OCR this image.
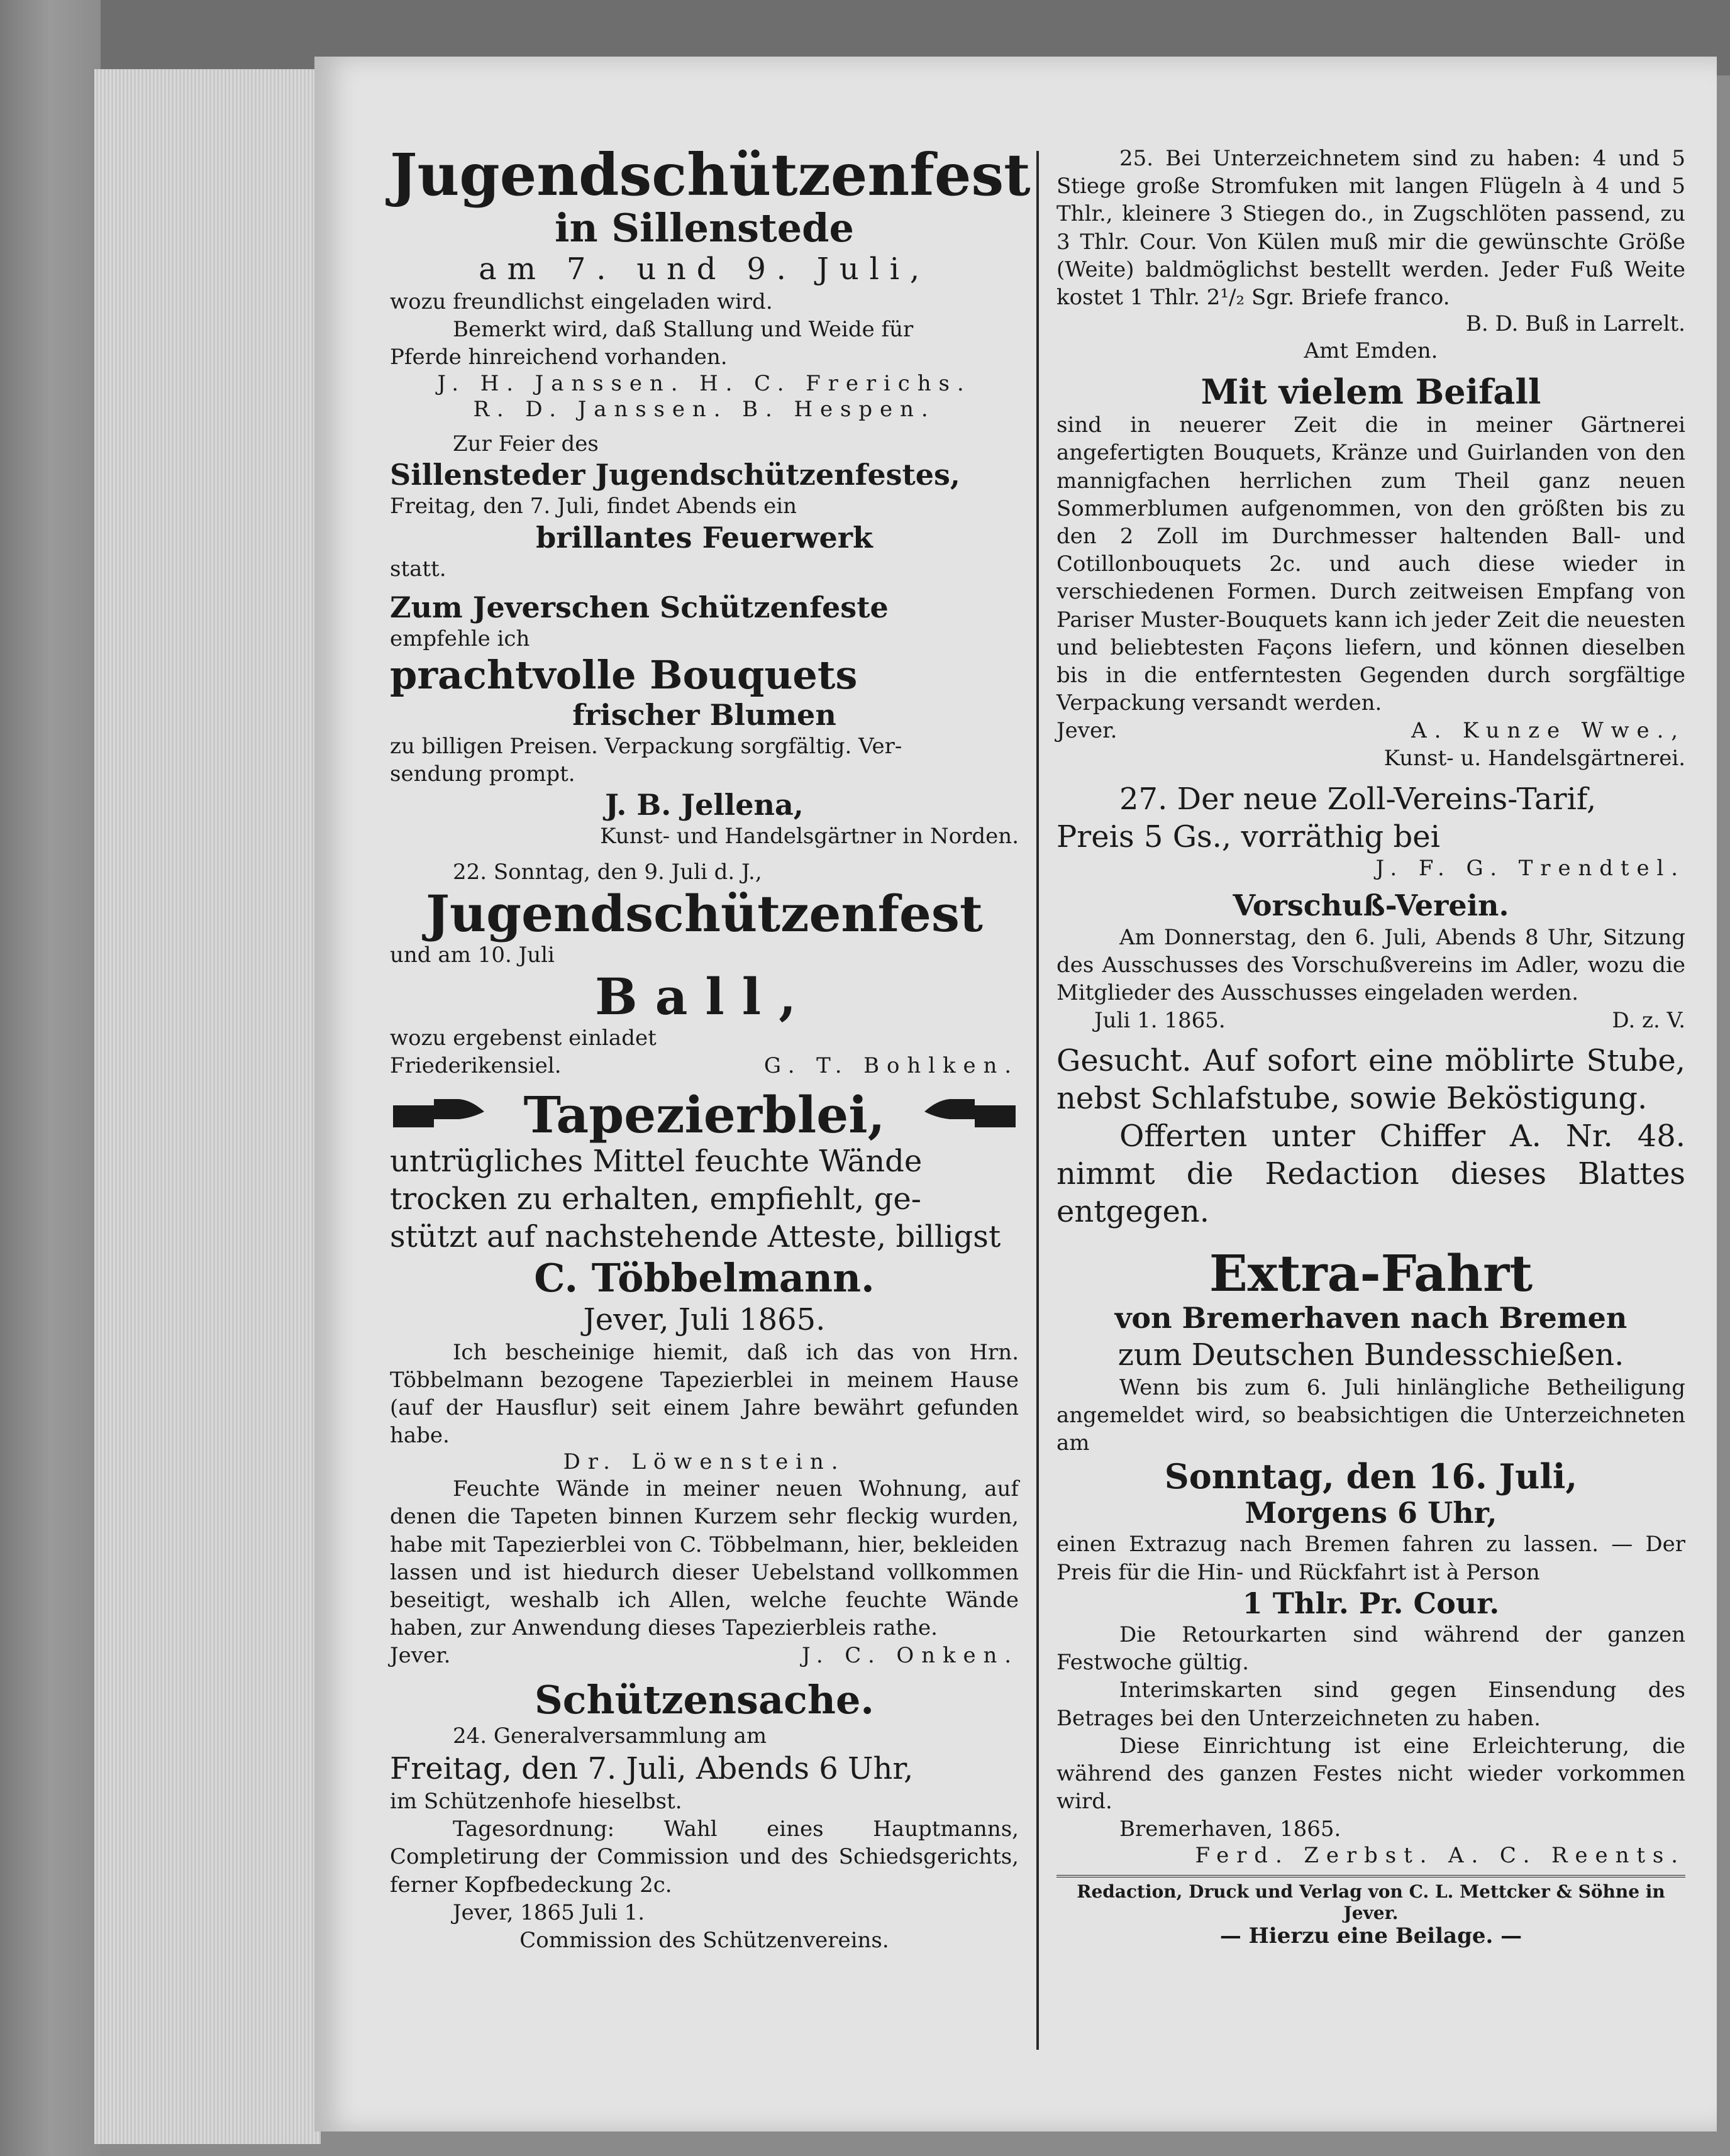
Jugendschützenfest

in Sillenstede

am 7. und 9. Juli,

wozu freundlichst eingeladen wird.

Bemerkt wird, daß Stallung und Weide für

Pferde hinreichend vorhanden.

J. H. Janssen. H. C. Frerichs.

R. D. Janssen. B. Hespen.

Zur Feier des

Sillensteder Jugendschützenfestes,

Freitag, den 7. Juli, findet Abends ein

brillantes Feuerwerk

statt.

Zum Jeverschen Schützenfeste

empfehle ich

prachtvolle Bouquets

frischer Blumen

zu billigen Preisen. Verpackung sorgfältig. Ver-

sendung prompt.

J. B. Jellena,

Kunst- und Handelsgärtner in Norden.

22. Sonntag, den 9. Juli d. J.,

Jugendschützenfest

und am 10. Juli

Ball,

wozu ergebenst einladet

Friederikensiel.	G. T. Bohlken.
Tapezierblei,

untrügliches Mittel feuchte Wände

trocken zu erhalten, empfiehlt, ge-

stützt auf nachstehende Atteste, billigst

C. Többelmann.

Jever, Juli 1865.

Ich bescheinige hiemit, daß ich das von Hrn. Többelmann bezogene Tapezierblei in meinem Hause (auf der Hausflur) seit einem Jahre bewährt gefunden habe.

Dr. Löwenstein.

Feuchte Wände in meiner neuen Wohnung, auf denen die Tapeten binnen Kurzem sehr fleckig wurden, habe mit Tapezierblei von C. Többelmann, hier, bekleiden lassen und ist hiedurch dieser Uebelstand vollkommen beseitigt, weshalb ich Allen, welche feuchte Wände haben, zur Anwendung dieses Tapezierbleis rathe.

Jever.	J. C. Onken.

Schützensache.

24. Generalversammlung am

Freitag, den 7. Juli, Abends 6 Uhr,

im Schützenhofe hieselbst.

Tagesordnung: Wahl eines Hauptmanns, Completirung der Commission und des Schiedsgerichts, ferner Kopfbedeckung 2c.

Jever, 1865 Juli 1.

Commission des Schützenvereins.

25. Bei Unterzeichnetem sind zu haben: 4 und 5 Stiege große Stromfuken mit langen Flügeln à 4 und 5 Thlr., kleinere 3 Stiegen do., in Zugschlöten passend, zu 3 Thlr. Cour. Von Külen muß mir die gewünschte Größe (Weite) baldmöglichst bestellt werden. Jeder Fuß Weite kostet 1 Thlr. 2¹/₂ Sgr. Briefe franco.

B. D. Buß in Larrelt.

Amt Emden.

Mit vielem Beifall

sind in neuerer Zeit die in meiner Gärtnerei angefertigten Bouquets, Kränze und Guirlanden von den mannigfachen herrlichen zum Theil ganz neuen Sommerblumen aufgenommen, von den größten bis zu den 2 Zoll im Durchmesser haltenden Ball- und Cotillonbouquets 2c. und auch diese wieder in verschiedenen Formen. Durch zeitweisen Empfang von Pariser Muster-Bouquets kann ich jeder Zeit die neuesten und beliebtesten Façons liefern, und können dieselben bis in die entferntesten Gegenden durch sorgfältige Verpackung versandt werden.

Jever.	A. Kunze Wwe.,

Kunst- u. Handelsgärtnerei.

27. Der neue Zoll-Vereins-Tarif,

Preis 5 Gs., vorräthig bei

J. F. G. Trendtel.

Vorschuß-Verein.

Am Donnerstag, den 6. Juli, Abends 8 Uhr, Sitzung des Ausschusses des Vorschußvereins im Adler, wozu die Mitglieder des Ausschusses eingeladen werden.

Juli 1. 1865.	D. z. V.

Gesucht. Auf sofort eine möblirte Stube, nebst Schlafstube, sowie Beköstigung.

Offerten unter Chiffer A. Nr. 48. nimmt die Redaction dieses Blattes entgegen.

Extra-Fahrt

von Bremerhaven nach Bremen

zum Deutschen Bundesschießen.

Wenn bis zum 6. Juli hinlängliche Betheiligung angemeldet wird, so beabsichtigen die Unterzeichneten am

Sonntag, den 16. Juli,

Morgens 6 Uhr,

einen Extrazug nach Bremen fahren zu lassen. — Der Preis für die Hin- und Rückfahrt ist à Person

1 Thlr. Pr. Cour.

Die Retourkarten sind während der ganzen Festwoche gültig.

Interimskarten sind gegen Einsendung des Betrages bei den Unterzeichneten zu haben.

Diese Einrichtung ist eine Erleichterung, die während des ganzen Festes nicht wieder vorkommen wird.

Bremerhaven, 1865.

Ferd. Zerbst. A. C. Reents.

Redaction, Druck und Verlag von C. L. Mettcker & Söhne in Jever.

— Hierzu eine Beilage. —
